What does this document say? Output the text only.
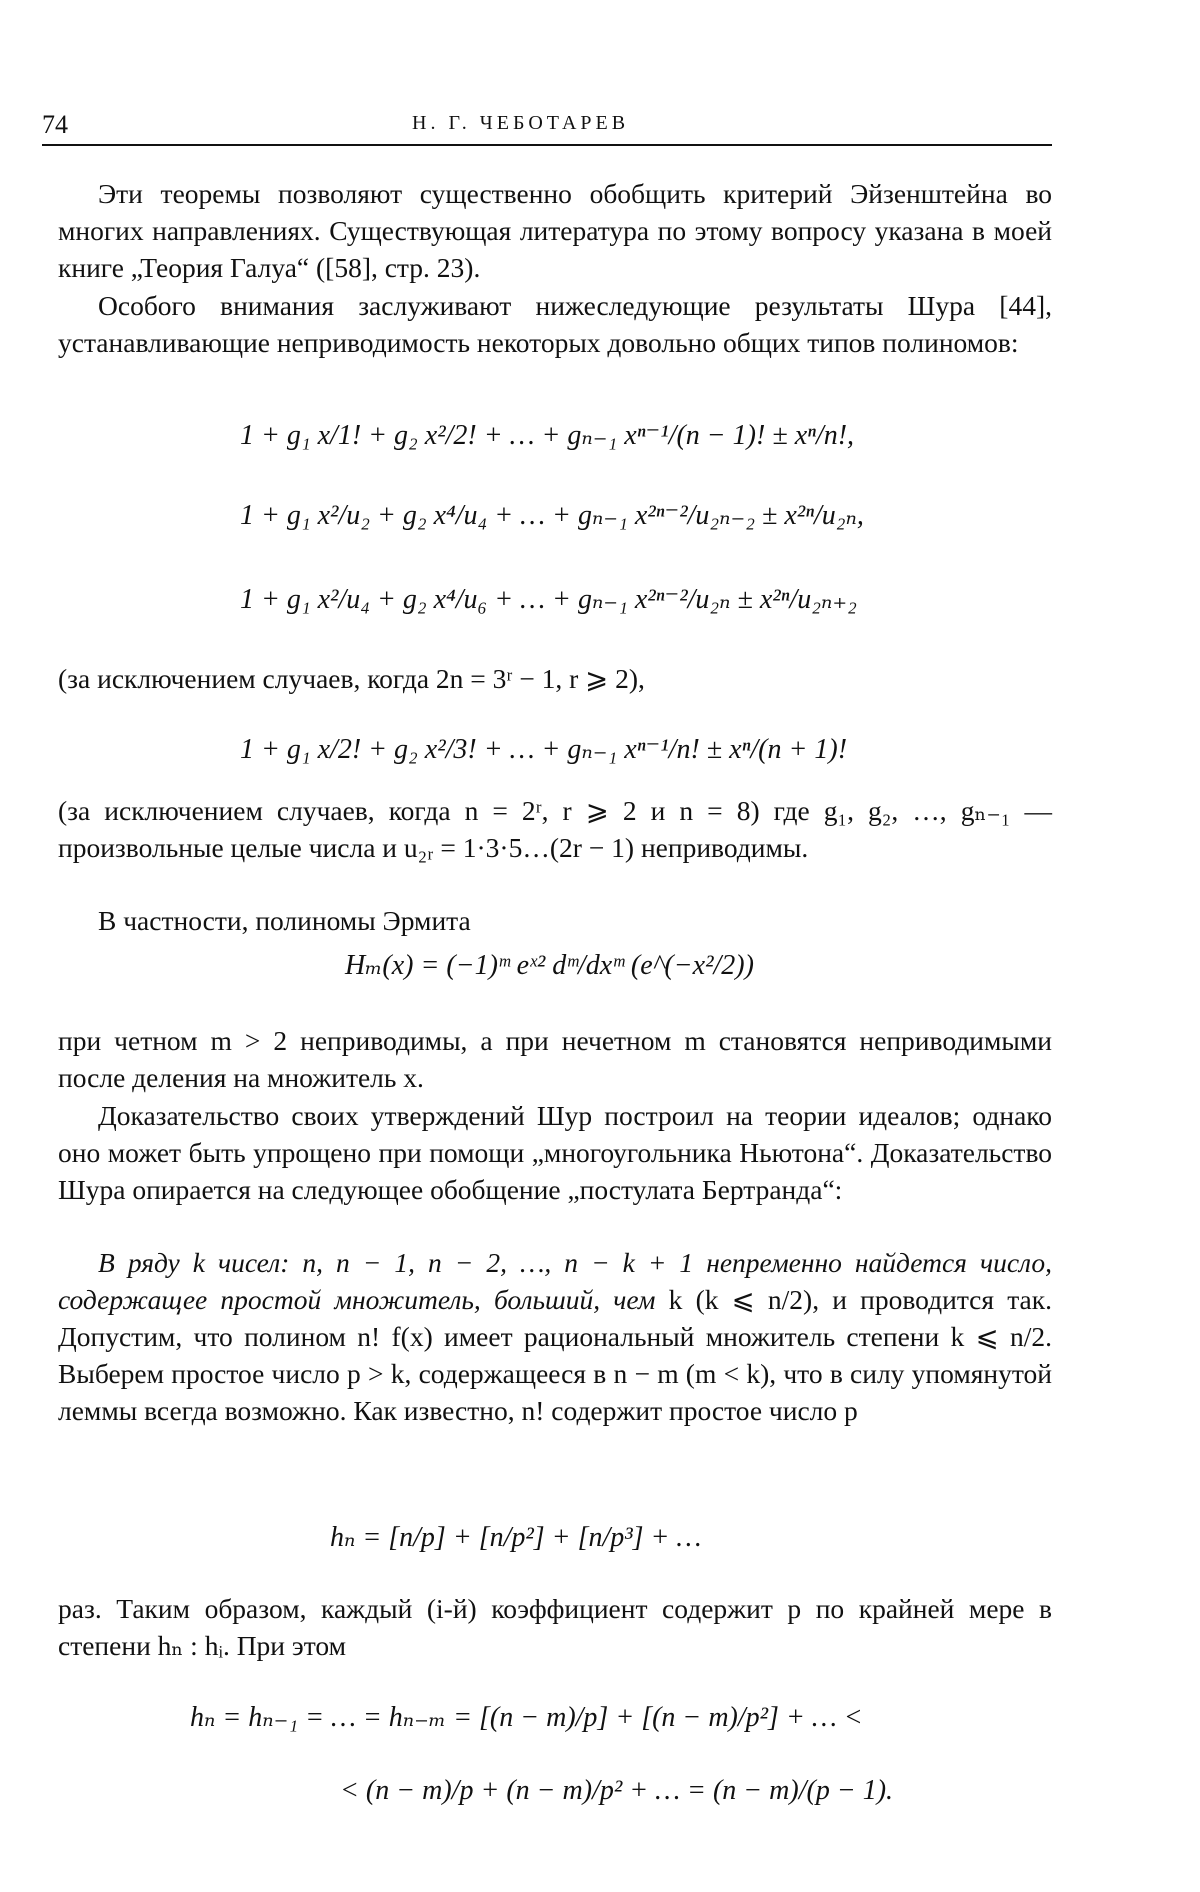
74	Н. Г. ЧЕБОТАРЕВ

Эти теоремы позволяют существенно обобщить критерий Эйзенштейна во многих направлениях. Существующая литература по этому вопросу указана в моей книге „Теория Галуа“ ([58], стр. 23).

Особого внимания заслуживают нижеследующие результаты Шура [44], устанавливающие неприводимость некоторых довольно общих типов полиномов:

1 + g₁ x/1! + g₂ x²/2! + … + gₙ₋₁ xⁿ⁻¹/(n − 1)! ± xⁿ/n!,
1 + g₁ x²/u₂ + g₂ x⁴/u₄ + … + gₙ₋₁ x²ⁿ⁻²/u₂ₙ₋₂ ± x²ⁿ/u₂ₙ,
1 + g₁ x²/u₄ + g₂ x⁴/u₆ + … + gₙ₋₁ x²ⁿ⁻²/u₂ₙ ± x²ⁿ/u₂ₙ₊₂

(за исключением случаев, когда 2n = 3ʳ − 1, r ⩾ 2),

1 + g₁ x/2! + g₂ x²/3! + … + gₙ₋₁ xⁿ⁻¹/n! ± xⁿ/(n + 1)!

(за исключением случаев, когда n = 2ʳ, r ⩾ 2 и n = 8) где g₁, g₂, …, gₙ₋₁ — произвольные целые числа и u₂ᵣ = 1·3·5…(2r − 1) неприводимы.

В частности, полиномы Эрмита

Hₘ(x) = (−1)ᵐ eˣ² dᵐ/dxᵐ (e^(−x²/2))

при четном m > 2 неприводимы, а при нечетном m становятся неприводимыми после деления на множитель x.

Доказательство своих утверждений Шур построил на теории идеалов; однако оно может быть упрощено при помощи „многоугольника Ньютона“. Доказательство Шура опирается на следующее обобщение „постулата Бертранда“:

В ряду k чисел: n, n − 1, n − 2, …, n − k + 1 непременно найдется число, содержащее простой множитель, больший, чем k (k ⩽ n/2), и проводится так. Допустим, что полином n! f(x) имеет рациональный множитель степени k ⩽ n/2. Выберем простое число p > k, содержащееся в n − m (m < k), что в силу упомянутой леммы всегда возможно. Как известно, n! содержит простое число p

hₙ = [n/p] + [n/p²] + [n/p³] + …

раз. Таким образом, каждый (i-й) коэффициент содержит p по крайней мере в степени hₙ : hᵢ. При этом

hₙ = hₙ₋₁ = … = hₙ₋ₘ = [(n − m)/p] + [(n − m)/p²] + … <
< (n − m)/p + (n − m)/p² + … = (n − m)/(p − 1).
